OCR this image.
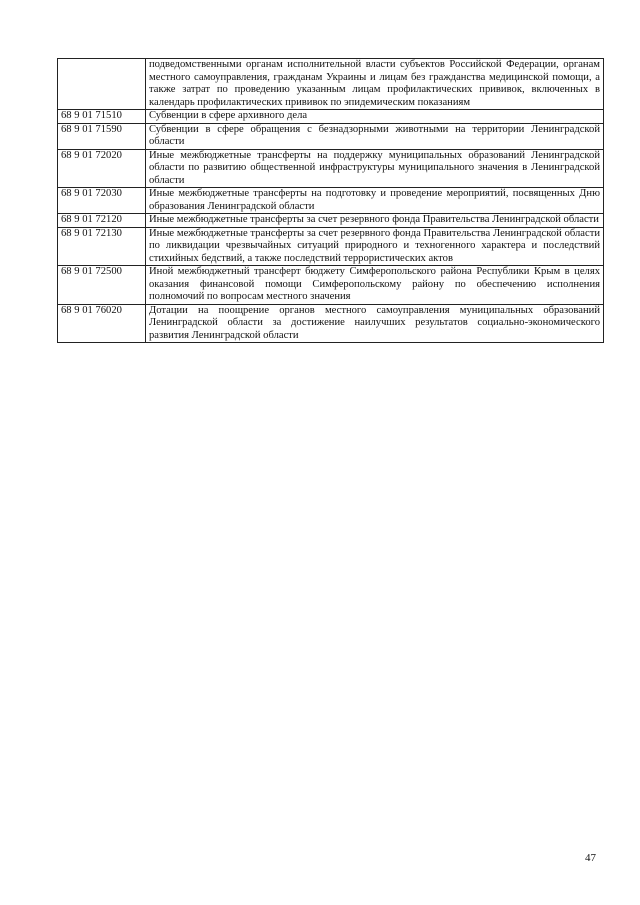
	подведомственными органам исполнительной власти субъектов Российской Федерации, органам местного самоуправления, гражданам Украины и лицам без гражданства медицинской помощи, а также затрат по проведению указанным лицам профилактических прививок, включенных в календарь профилактических прививок по эпидемическим показаниям
68 9 01 71510	Субвенции в сфере архивного дела
68 9 01 71590	Субвенции в сфере обращения с безнадзорными животными на территории Ленинградской области
68 9 01 72020	Иные межбюджетные трансферты на поддержку муниципальных образований Ленинградской области по развитию общественной инфраструктуры муниципального значения в Ленинградской области
68 9 01 72030	Иные межбюджетные трансферты на подготовку и проведение мероприятий, посвященных Дню образования Ленинградской области
68 9 01 72120	Иные межбюджетные трансферты за счет резервного фонда Правительства Ленинградской области
68 9 01 72130	Иные межбюджетные трансферты за счет резервного фонда Правительства Ленинградской области по ликвидации чрезвычайных ситуаций природного и техногенного характера и последствий стихийных бедствий, а также последствий террористических актов
68 9 01 72500	Иной межбюджетный трансферт бюджету Симферопольского района Республики Крым в целях оказания финансовой помощи Симферопольскому району по обеспечению исполнения полномочий по вопросам местного значения
68 9 01 76020	Дотации на поощрение органов местного самоуправления муниципальных образований Ленинградской области за достижение наилучших результатов социально-экономического развития Ленинградской области
47
